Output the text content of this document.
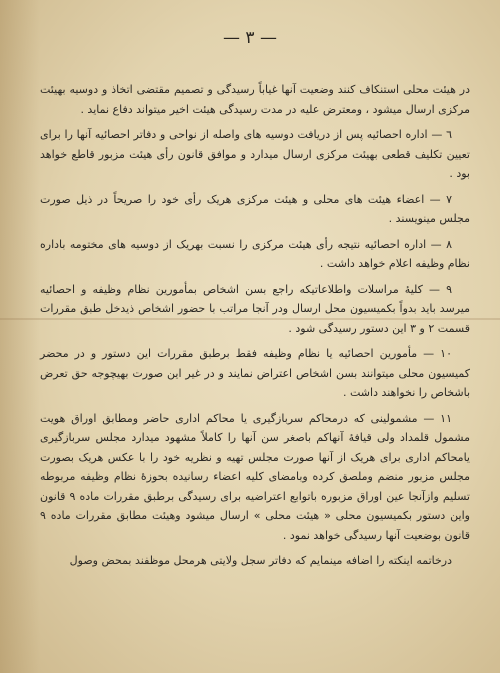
— ٣ —

در هیئت محلی استنکاف کنند وضعیت آنها غیاباً رسیدگی و تصمیم مقتضی اتخاذ و دوسیه بهیئت مرکزی ارسال میشود ، ومعترض علیه در مدت رسیدگی هیئت اخیر میتواند دفاع نماید .

٦ — اداره احصائیه پس از دریافت دوسیه های واصله از نواحی و دفاتر احصائیه آنها را برای تعیین تکلیف قطعی بهیئت مرکزی ارسال میدارد و موافق قانون رأی هیئت مزبور قاطع خواهد بود .

٧ — اعضاء هیئت های محلی و هیئت مرکزی هریک رأی خود را صریحاً در ذیل صورت مجلس مینویسند .

٨ — اداره احصائیه نتیجه رأی هیئت مرکزی را نسبت بهریک از دوسیه های مختومه باداره نظام وظیفه اعلام خواهد داشت .

٩ — کلیهٔ مراسلات واطلاعاتیکه راجع بسن اشخاص بمأمورین نظام وظیفه و احصائیه میرسد باید بدواً بکمیسیون محل ارسال ودر آنجا مراتب با حضور اشخاص ذیدخل طبق مقررات قسمت ۲ و ۳ این دستور رسیدگی شود .

١٠ — مأمورین احصائیه یا نظام وظیفه فقط برطبق مقررات این دستور و در محضر کمیسیون محلی میتوانند بسن اشخاص اعتراض نمایند و در غیر این صورت بهیچوجه حق تعرض باشخاص را نخواهند داشت .

١١ — مشمولینی که درمحاکم سربازگیری یا محاکم اداری حاضر ومطابق اوراق هویت مشمول قلمداد ولی قیافهٔ آنهاکم باصغر سن آنها را کاملاً مشهود میدارد مجلس سربازگیری یامحاکم اداری برای هریک از آنها صورت مجلس تهیه و نظریه خود را با عکس هریک بصورت مجلس مزبور منضم وملصق کرده وبامضای کلیه اعضاء رسانیده بحوزهٔ نظام وظیفه مربوطه تسلیم وازآنجا عین اوراق مزبوره باتوابع اعتراضیه برای رسیدگی برطبق مقررات ماده ۹ قانون واین دستور بکمیسیون محلی « هیئت محلی » ارسال میشود وهیئت مطابق مقررات ماده ۹ قانون بوضعیت آنها رسیدگی خواهد نمود .

درخاتمه اینکته را اضافه مینمایم که دفاتر سجل ولایتی هرمحل موظفند بمحض وصول
